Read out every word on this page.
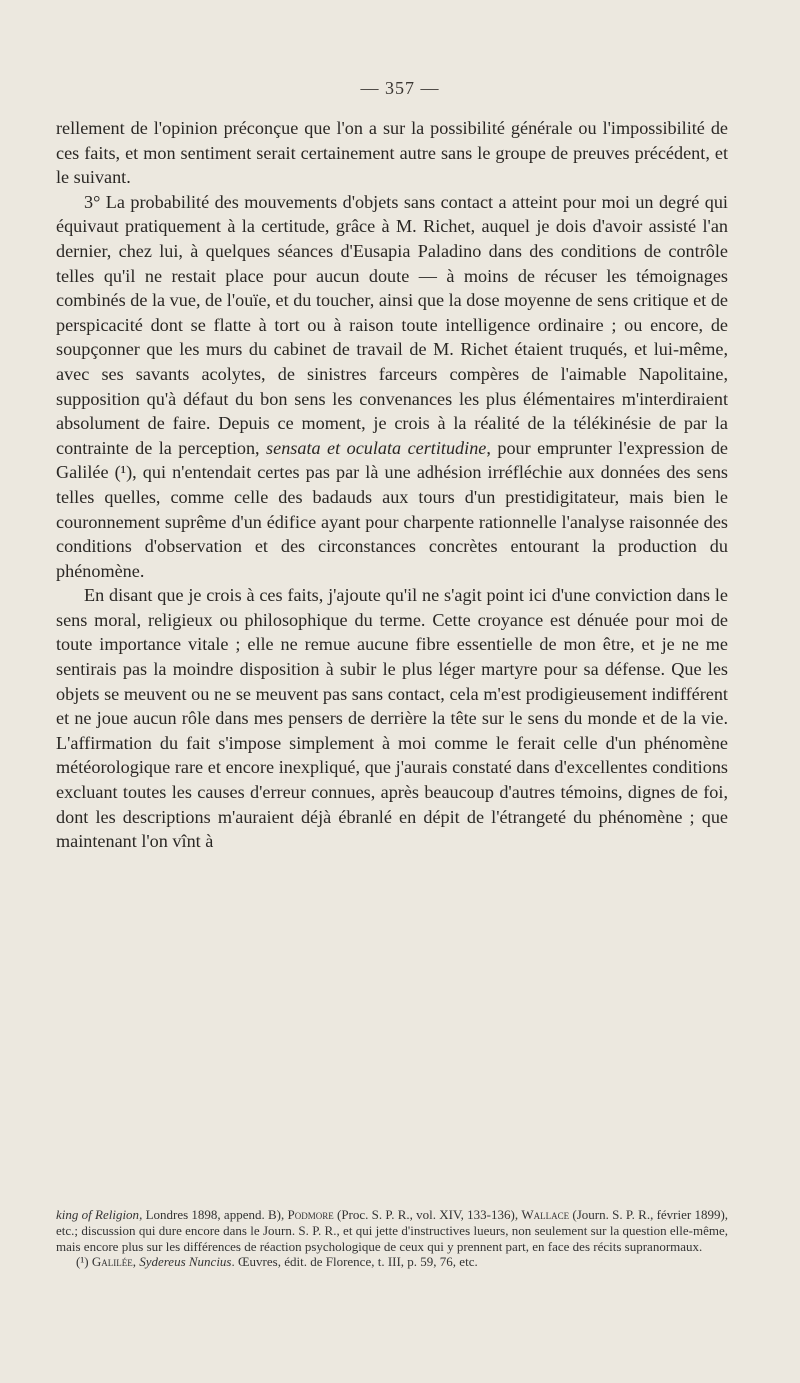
— 357 —

rellement de l'opinion préconçue que l'on a sur la possibilité générale ou l'impossibilité de ces faits, et mon sentiment serait certainement autre sans le groupe de preuves précédent, et le suivant.

3° La probabilité des mouvements d'objets sans contact a atteint pour moi un degré qui équivaut pratiquement à la certitude, grâce à M. Richet, auquel je dois d'avoir assisté l'an dernier, chez lui, à quelques séances d'Eusapia Paladino dans des conditions de contrôle telles qu'il ne restait place pour aucun doute — à moins de récuser les témoignages combinés de la vue, de l'ouïe, et du toucher, ainsi que la dose moyenne de sens critique et de perspicacité dont se flatte à tort ou à raison toute intelligence ordinaire ; ou encore, de soupçonner que les murs du cabinet de travail de M. Richet étaient truqués, et lui-même, avec ses savants acolytes, de sinistres farceurs compères de l'aimable Napolitaine, supposition qu'à défaut du bon sens les convenances les plus élémentaires m'interdiraient absolument de faire. Depuis ce moment, je crois à la réalité de la télékinésie de par la contrainte de la perception, sensata et oculata certitudine, pour emprunter l'expression de Galilée (¹), qui n'entendait certes pas par là une adhésion irréfléchie aux données des sens telles quelles, comme celle des badauds aux tours d'un prestidigitateur, mais bien le couronnement suprême d'un édifice ayant pour charpente rationnelle l'analyse raisonnée des conditions d'observation et des circonstances concrètes entourant la production du phénomène.

En disant que je crois à ces faits, j'ajoute qu'il ne s'agit point ici d'une conviction dans le sens moral, religieux ou philosophique du terme. Cette croyance est dénuée pour moi de toute importance vitale ; elle ne remue aucune fibre essentielle de mon être, et je ne me sentirais pas la moindre disposition à subir le plus léger martyre pour sa défense. Que les objets se meuvent ou ne se meuvent pas sans contact, cela m'est prodigieusement indifférent et ne joue aucun rôle dans mes pensers de derrière la tête sur le sens du monde et de la vie. L'affirmation du fait s'impose simplement à moi comme le ferait celle d'un phénomène météorologique rare et encore inexpliqué, que j'aurais constaté dans d'excellentes conditions excluant toutes les causes d'erreur connues, après beaucoup d'autres témoins, dignes de foi, dont les descriptions m'auraient déjà ébranlé en dépit de l'étrangeté du phénomène ; que maintenant l'on vînt à

king of Religion, Londres 1898, append. B), Podmore (Proc. S. P. R., vol. XIV, 133-136), Wallace (Journ. S. P. R., février 1899), etc.; discussion qui dure encore dans le Journ. S. P. R., et qui jette d'instructives lueurs, non seulement sur la question elle-même, mais encore plus sur les différences de réaction psychologique de ceux qui y prennent part, en face des récits supranormaux.

(¹) Galilée, Sydereus Nuncius. Œuvres, édit. de Florence, t. III, p. 59, 76, etc.
